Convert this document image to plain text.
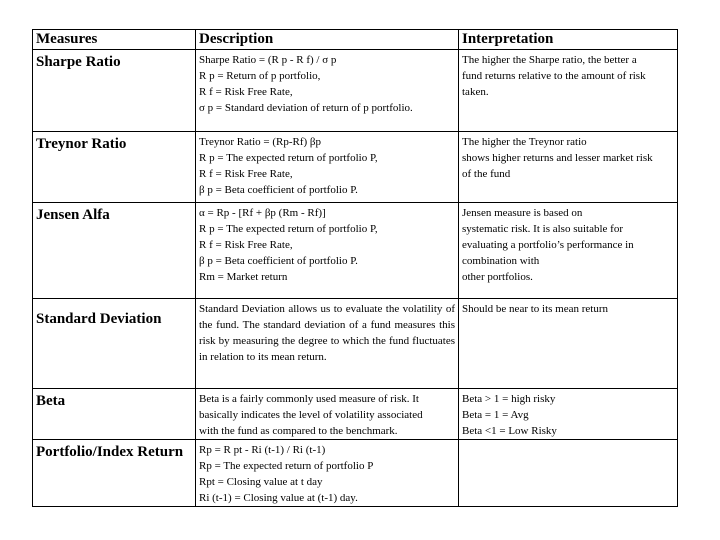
Measures	Description	Interpretation
Sharpe Ratio	Sharpe Ratio = (R p - R f) / σ p
R p = Return of p portfolio,
R f = Risk Free Rate,
σ p = Standard deviation of return of p portfolio.	The higher the Sharpe ratio, the better a
fund returns relative to the amount of risk
taken.

Treynor Ratio	Treynor Ratio = (Rp-Rf) βp
R p = The expected return of portfolio P,
R f = Risk Free Rate,
β p = Beta coefficient of portfolio P.	The higher the Treynor ratio
shows higher returns and lesser market risk
of the fund

Jensen Alfa	α = Rp - [Rf + βp (Rm - Rf)]
R p = The expected return of portfolio P,
R f = Risk Free Rate,
β p = Beta coefficient of portfolio P.
Rm = Market return	Jensen measure is based on
systematic risk. It is also suitable for
evaluating a portfolio’s performance in
combination with
other portfolios.

Standard Deviation	Standard Deviation allows us to evaluate the volatility of the fund. The standard deviation of a fund measures this risk by measuring the degree to which the fund fluctuates in relation to its mean return.	Should be near to its mean return

Beta	Beta is a fairly commonly used measure of risk. It
basically indicates the level of volatility associated
with the fund as compared to the benchmark.	Beta > 1 = high risky
Beta = 1 = Avg
Beta <1 = Low Risky

Portfolio/Index Return	Rp = R pt - Ri (t-1) / Ri (t-1)
Rp = The expected return of portfolio P
Rpt = Closing value at t day
Ri (t-1) = Closing value at (t-1) day.	
